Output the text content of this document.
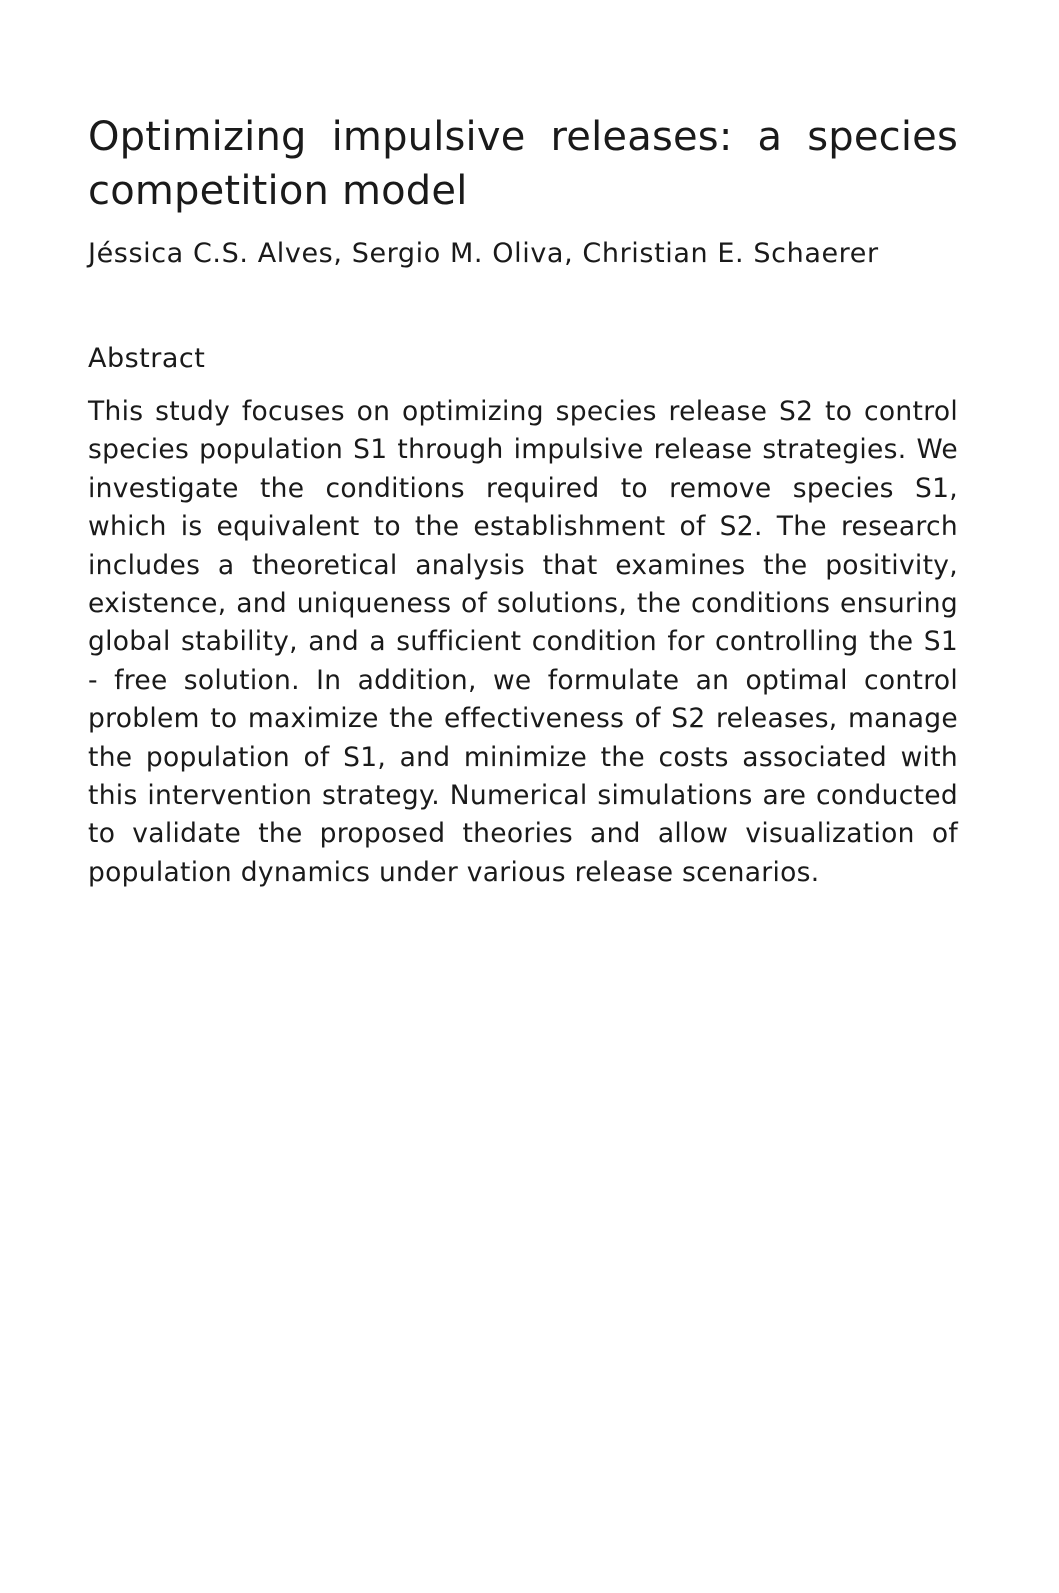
Optimizing impulsive releases: a species competition model

Jéssica C.S. Alves, Sergio M. Oliva, Christian E. Schaerer

Abstract

This study focuses on optimizing species release S2 to control species population S1 through impulsive release strategies. We investigate the conditions required to remove species S1, which is equivalent to the establishment of S2. The research includes a theoretical analysis that examines the positivity, existence, and uniqueness of solutions, the conditions ensuring global stability, and a sufficient condition for controlling the S1 - free solution. In addition, we formulate an optimal control problem to maximize the effectiveness of S2 releases, manage the population of S1, and minimize the costs associated with this intervention strategy. Numerical simulations are conducted to validate the proposed theories and allow visualization of population dynamics under various release scenarios.
